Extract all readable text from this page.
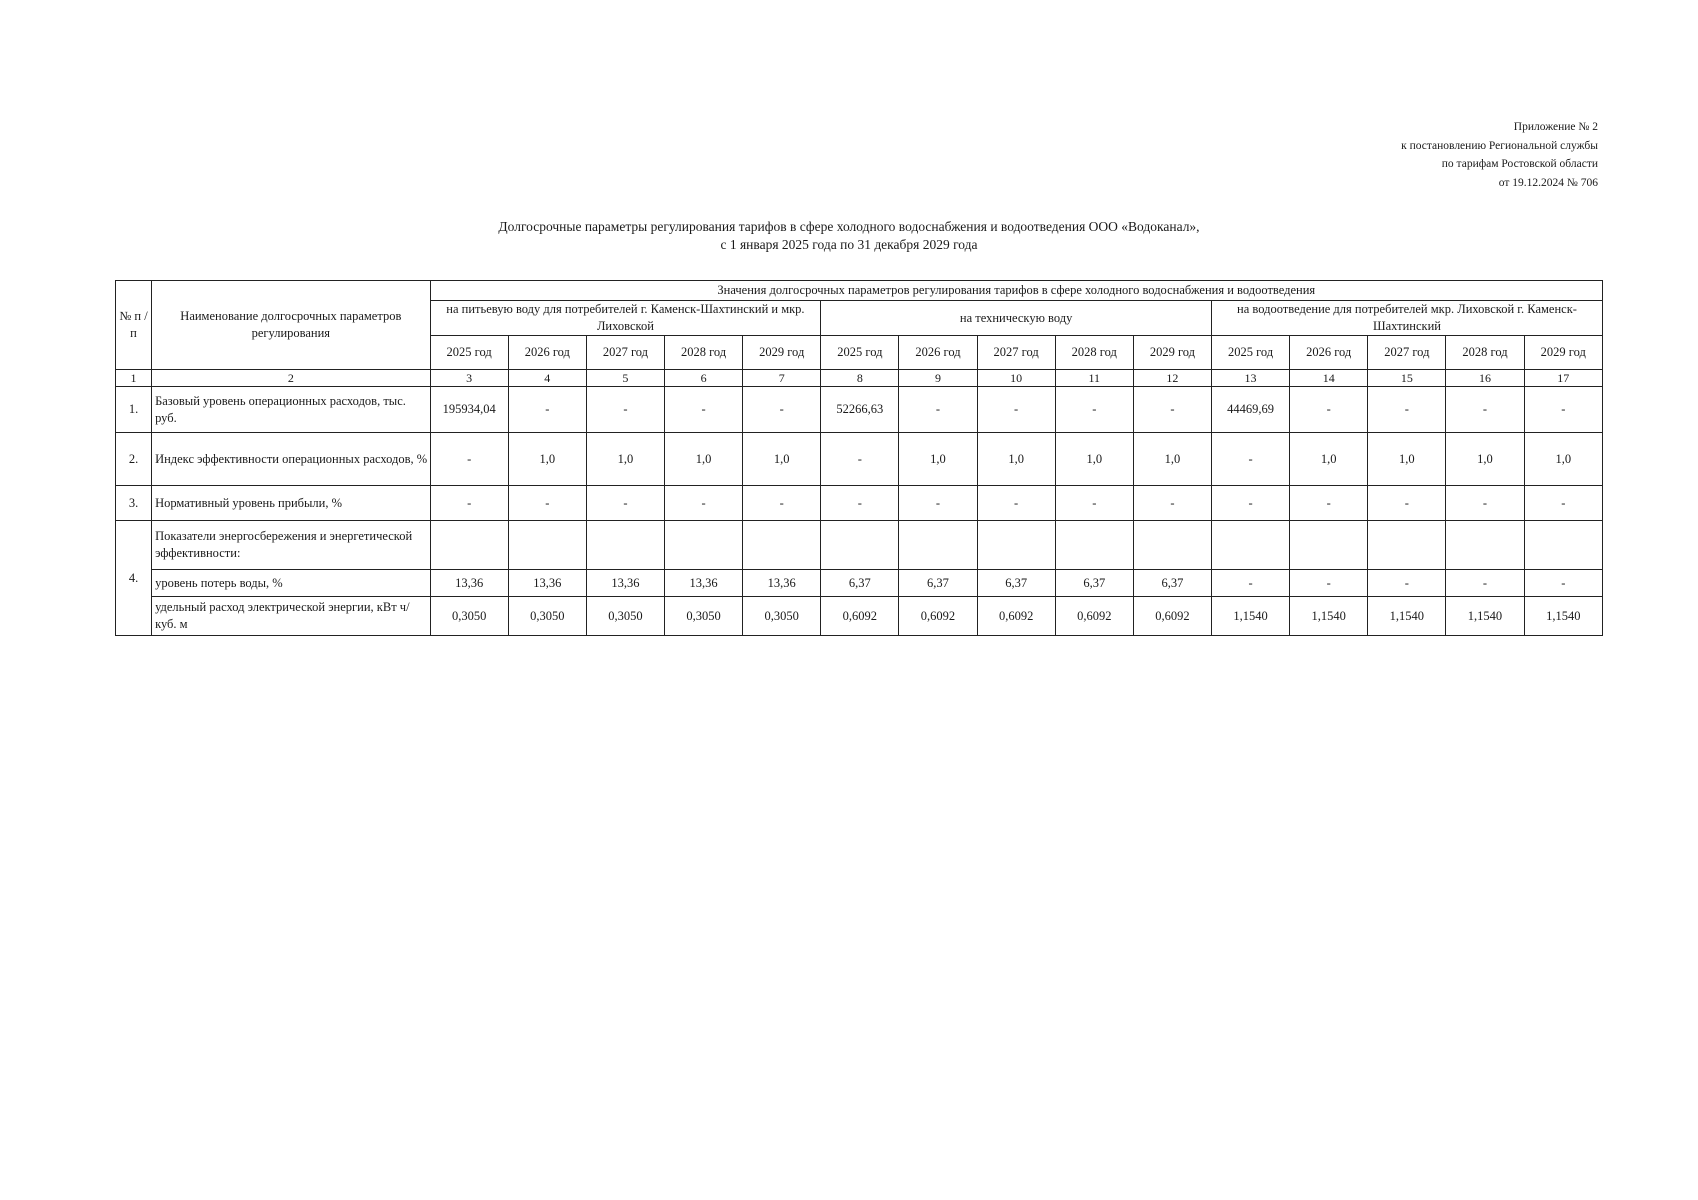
Приложение № 2
к постановлению Региональной службы
по тарифам Ростовской области
от 19.12.2024 № 706
Долгосрочные параметры регулирования тарифов в сфере холодного водоснабжения и водоотведения ООО «Водоканал»,
с 1 января 2025 года по 31 декабря 2029 года
№ п /п	Наименование долгосрочных параметров регулирования	Значения долгосрочных параметров регулирования тарифов в сфере холодного водоснабжения и водоотведения														
		на питьевую воду для потребителей г. Каменск-Шахтинский и мкр. Лиховской					на техническую воду					на водоотведение для потребителей мкр. Лиховской г. Каменск-Шахтинский				
		2025 год	2026 год	2027 год	2028 год	2029 год	2025 год	2026 год	2027 год	2028 год	2029 год	2025 год	2026 год	2027 год	2028 год	2029 год
1	2	3	4	5	6	7	8	9	10	11	12	13	14	15	16	17
1.	Базовый уровень операционных расходов, тыс. руб.	195934,04	-	-	-	-	52266,63	-	-	-	-	44469,69	-	-	-	-
2.	Индекс эффективности операционных расходов, %	-	1,0	1,0	1,0	1,0	-	1,0	1,0	1,0	1,0	-	1,0	1,0	1,0	1,0
3.	Нормативный уровень прибыли, %	-	-	-	-	-	-	-	-	-	-	-	-	-	-	-
4.	Показатели энергосбережения и энергетической эффективности:															
	уровень потерь воды, %	13,36	13,36	13,36	13,36	13,36	6,37	6,37	6,37	6,37	6,37	-	-	-	-	-
	удельный расход электрической энергии, кВт ч/куб. м	0,3050	0,3050	0,3050	0,3050	0,3050	0,6092	0,6092	0,6092	0,6092	0,6092	1,1540	1,1540	1,1540	1,1540	1,1540
